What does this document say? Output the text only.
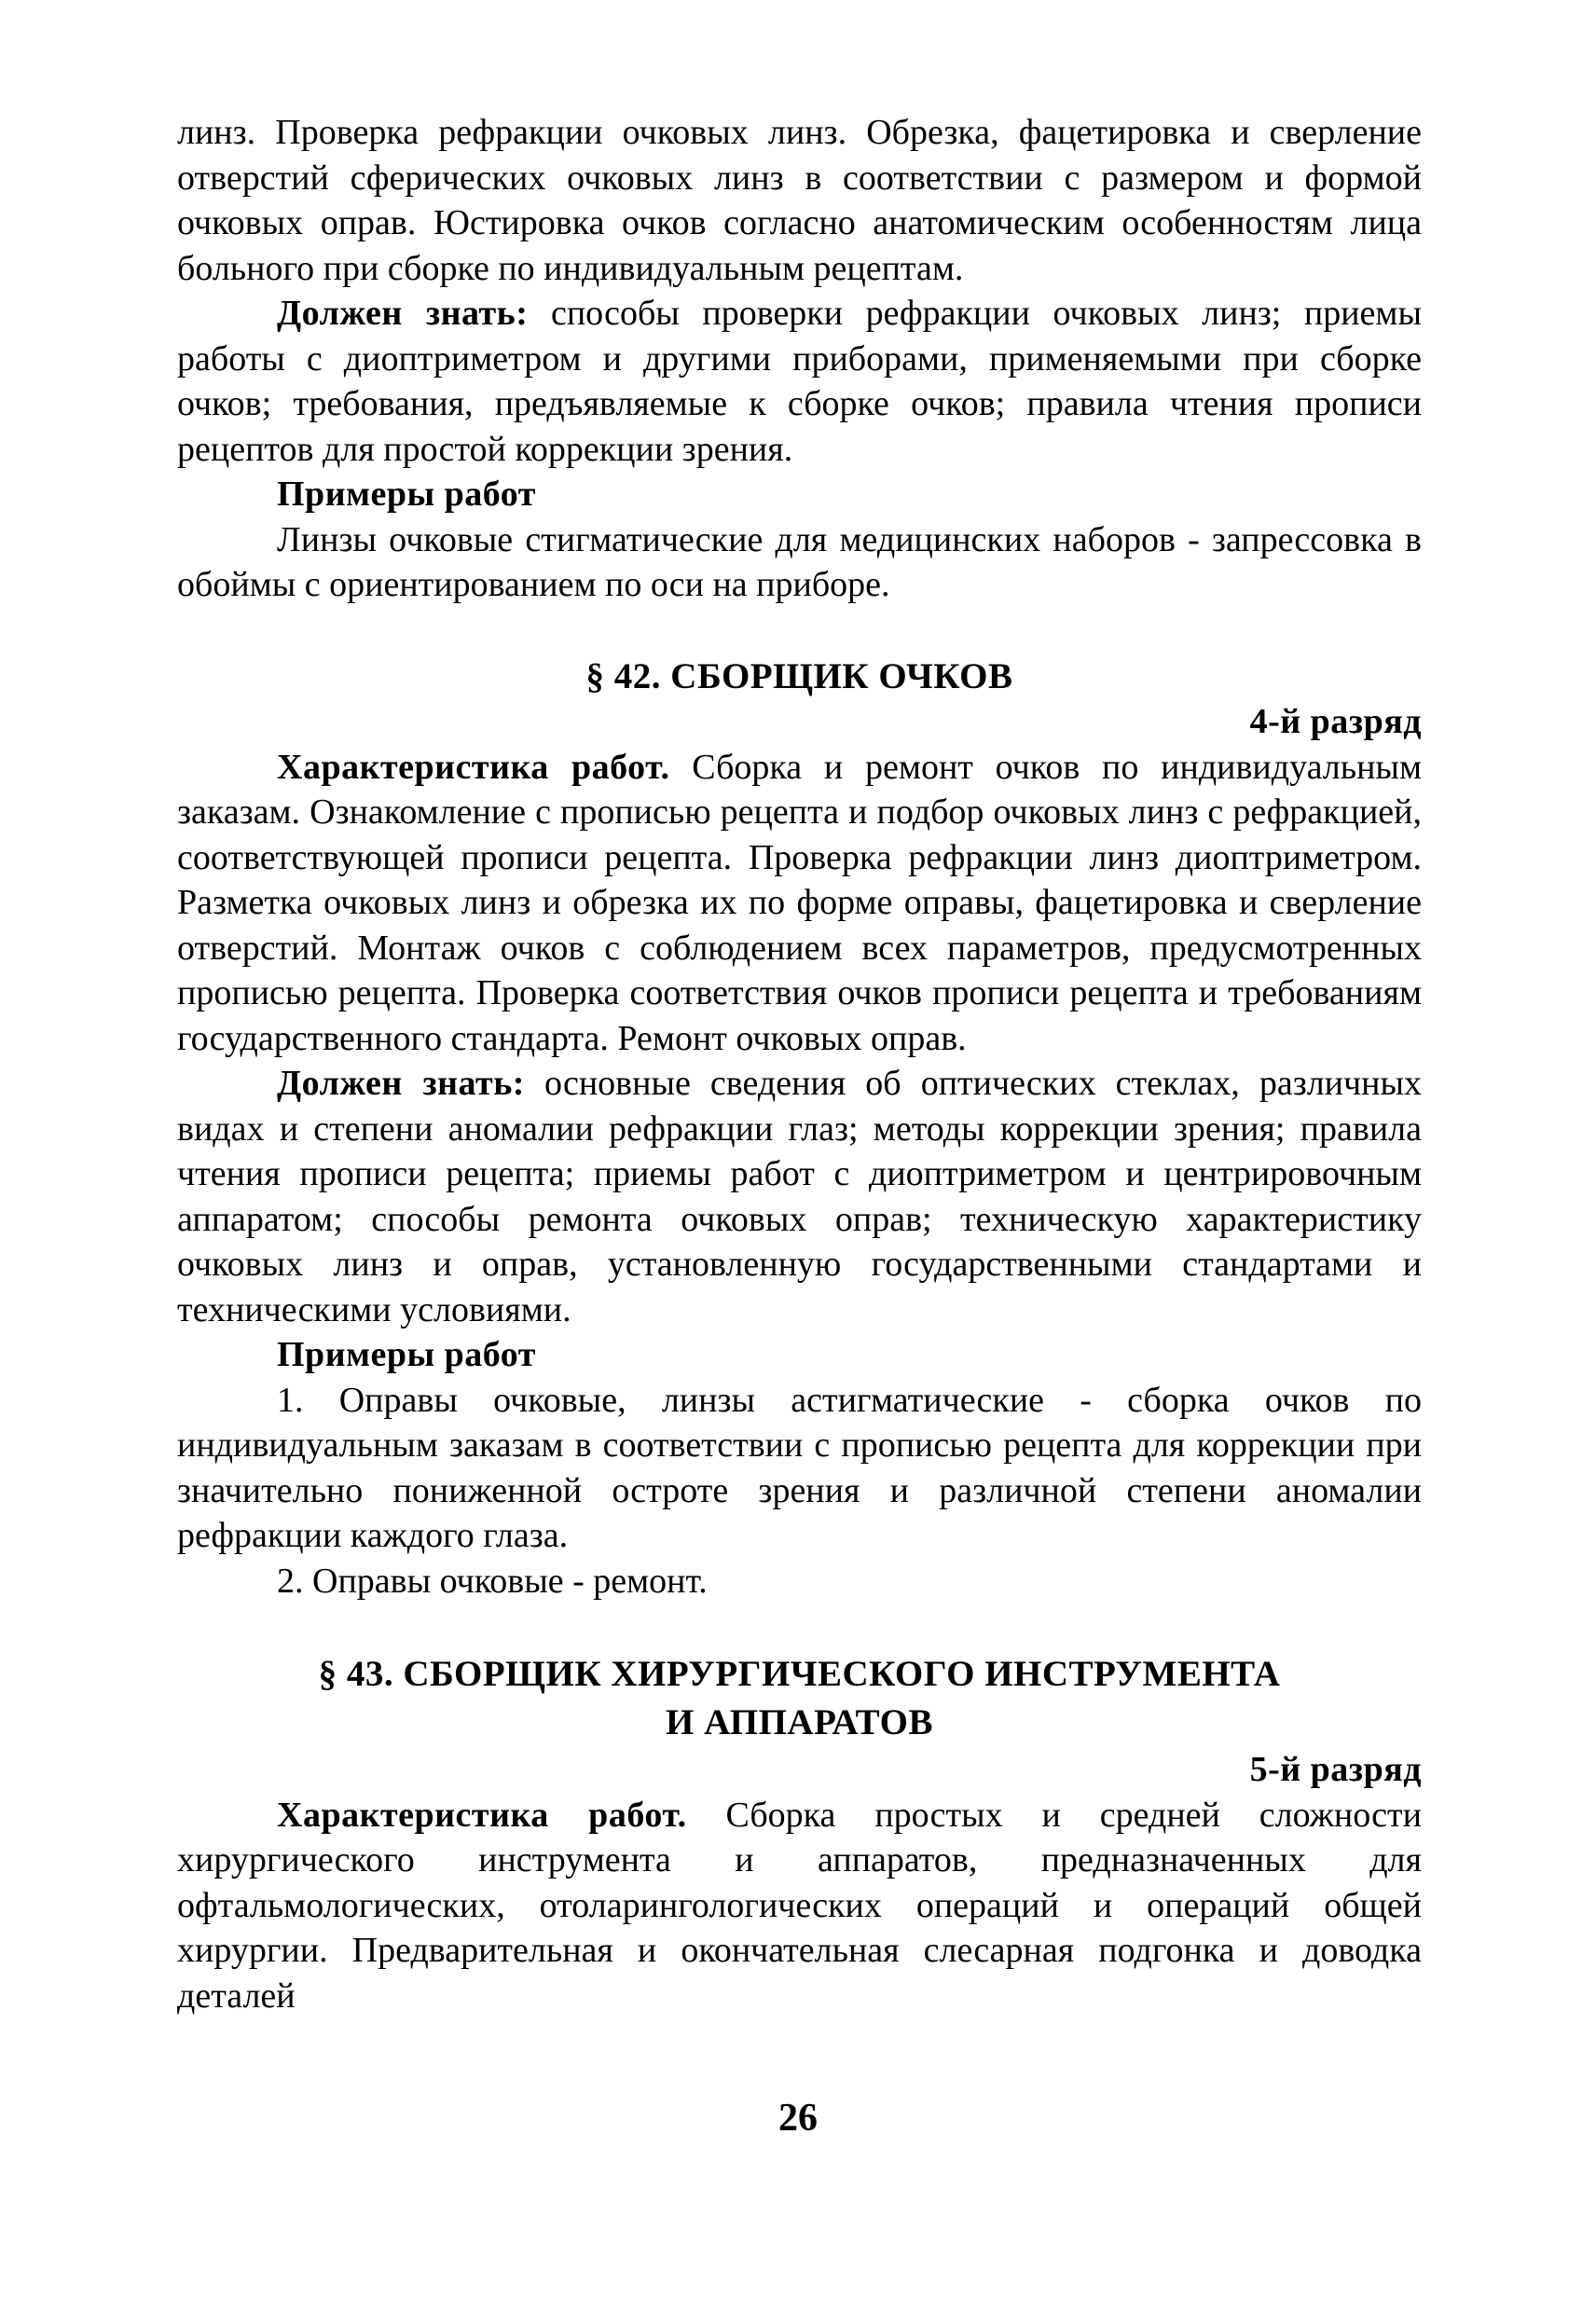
линз. Проверка рефракции очковых линз. Обрезка, фацетировка и сверление отверстий сферических очковых линз в соответствии с размером и формой очковых оправ. Юстировка очков согласно анатомическим особенностям лица больного при сборке по индивидуальным рецептам.

Должен знать: способы проверки рефракции очковых линз; приемы работы с диоптриметром и другими приборами, применяемыми при сборке очков; требования, предъявляемые к сборке очков; правила чтения прописи рецептов для простой коррекции зрения.

Примеры работ

Линзы очковые стигматические для медицинских наборов - запрессовка в обоймы с ориентированием по оси на приборе.

§ 42. СБОРЩИК ОЧКОВ

4-й разряд

Характеристика работ. Сборка и ремонт очков по индивидуальным заказам. Ознакомление с прописью рецепта и подбор очковых линз с рефракцией, соответствующей прописи рецепта. Проверка рефракции линз диоптриметром. Разметка очковых линз и обрезка их по форме оправы, фацетировка и сверление отверстий. Монтаж очков с соблюдением всех параметров, предусмотренных прописью рецепта. Проверка соответствия очков прописи рецепта и требованиям государственного стандарта. Ремонт очковых оправ.

Должен знать: основные сведения об оптических стеклах, различных видах и степени аномалии рефракции глаз; методы коррекции зрения; правила чтения прописи рецепта; приемы работ с диоптриметром и центрировочным аппаратом; способы ремонта очковых оправ; техническую характеристику очковых линз и оправ, установленную государственными стандартами и техническими условиями.

Примеры работ

1. Оправы очковые, линзы астигматические - сборка очков по индивидуальным заказам в соответствии с прописью рецепта для коррекции при значительно пониженной остроте зрения и различной степени аномалии рефракции каждого глаза.

2. Оправы очковые - ремонт.

§ 43. СБОРЩИК ХИРУРГИЧЕСКОГО ИНСТРУМЕНТА
И АППАРАТОВ

5-й разряд

Характеристика работ. Сборка простых и средней сложности хирургического инструмента и аппаратов, предназначенных для офтальмологических, отоларингологических операций и операций общей хирургии. Предварительная и окончательная слесарная подгонка и доводка деталей

26
